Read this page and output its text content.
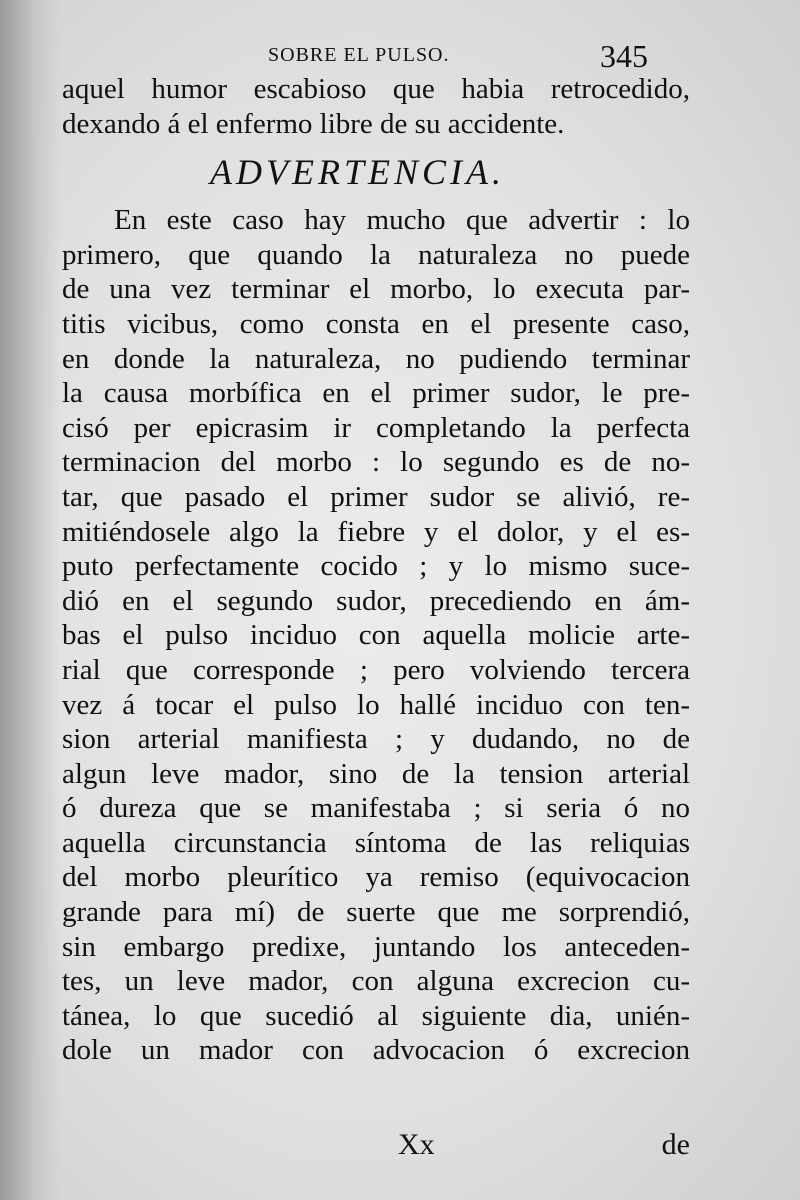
SOBRE EL PULSO.	345
aquel humor escabioso que habia retrocedido,
dexando á el enfermo libre de su accidente.
ADVERTENCIA.
En este caso hay mucho que advertir : lo
primero, que quando la naturaleza no puede
de una vez terminar el morbo, lo executa par-
titis vicibus, como consta en el presente caso,
en donde la naturaleza, no pudiendo terminar
la causa morbífica en el primer sudor, le pre-
cisó per epicrasim ir completando la perfecta
terminacion del morbo : lo segundo es de no-
tar, que pasado el primer sudor se alivió, re-
mitiéndosele algo la fiebre y el dolor, y el es-
puto perfectamente cocido ; y lo mismo suce-
dió en el segundo sudor, precediendo en ám-
bas el pulso inciduo con aquella molicie arte-
rial que corresponde ; pero volviendo tercera
vez á tocar el pulso lo hallé inciduo con ten-
sion arterial manifiesta ; y dudando, no de
algun leve mador, sino de la tension arterial
ó dureza que se manifestaba ; si seria ó no
aquella circunstancia síntoma de las reliquias
del morbo pleurítico ya remiso (equivocacion
grande para mí) de suerte que me sorprendió,
sin embargo predixe, juntando los anteceden-
tes, un leve mador, con alguna excrecion cu-
tánea, lo que sucedió al siguiente dia, unién-
dole un mador con advocacion ó excrecion
Xx	de
